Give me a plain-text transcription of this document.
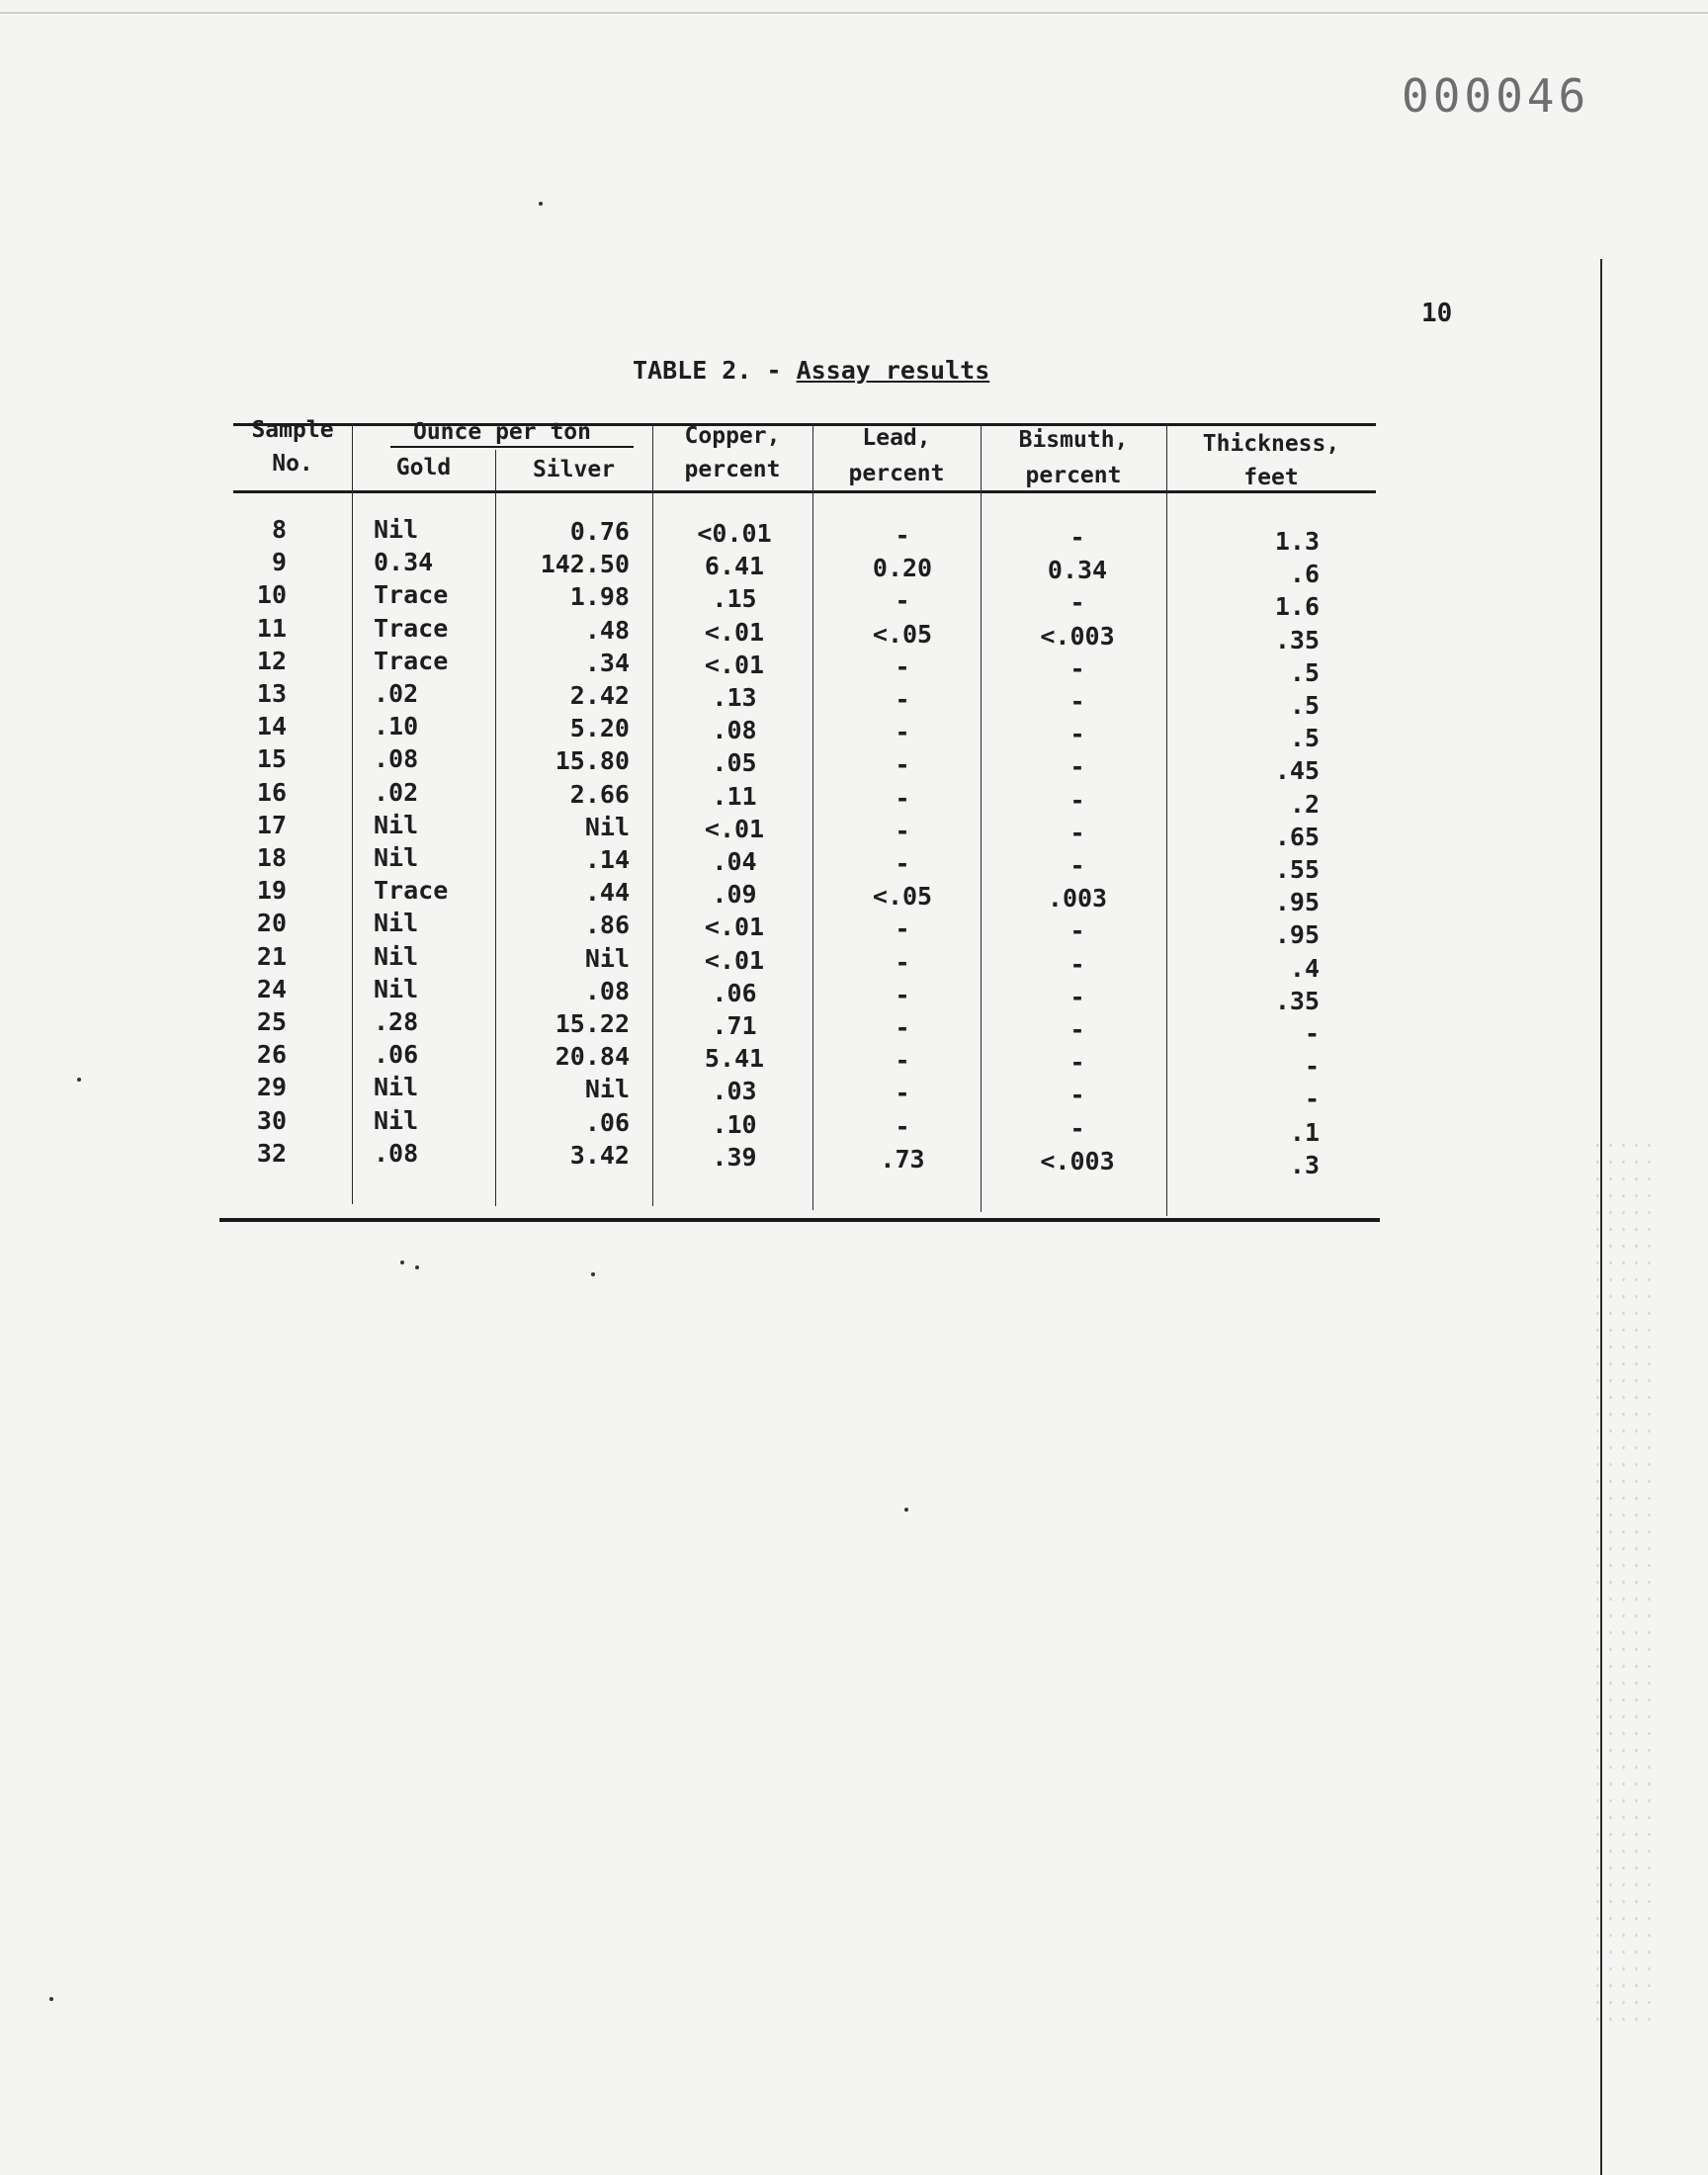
000046
10
TABLE 2. - Assay results
Sample
No.
Ounce per ton
Gold	Silver
Copper,
percent
Lead,
percent
Bismuth,
percent
Thickness,
feet
8	Nil	0.76	<0.01	-	-	1.3
9	0.34	142.50	6.41	0.20	0.34	.6
10	Trace	1.98	.15	-	-	1.6
11	Trace	.48	<.01	<.05	<.003	.35
12	Trace	.34	<.01	-	-	.5
13	.02	2.42	.13	-	-	.5
14	.10	5.20	.08	-	-	.5
15	.08	15.80	.05	-	-	.45
16	.02	2.66	.11	-	-	.2
17	Nil	Nil	<.01	-	-	.65
18	Nil	.14	.04	-	-	.55
19	Trace	.44	.09	<.05	.003	.95
20	Nil	.86	<.01	-	-	.95
21	Nil	Nil	<.01	-	-	.4
24	Nil	.08	.06	-	-	.35
25	.28	15.22	.71	-	-	-
26	.06	20.84	5.41	-	-	-
29	Nil	Nil	.03	-	-	-
30	Nil	.06	.10	-	-	.1
32	.08	3.42	.39	.73	<.003	.3
